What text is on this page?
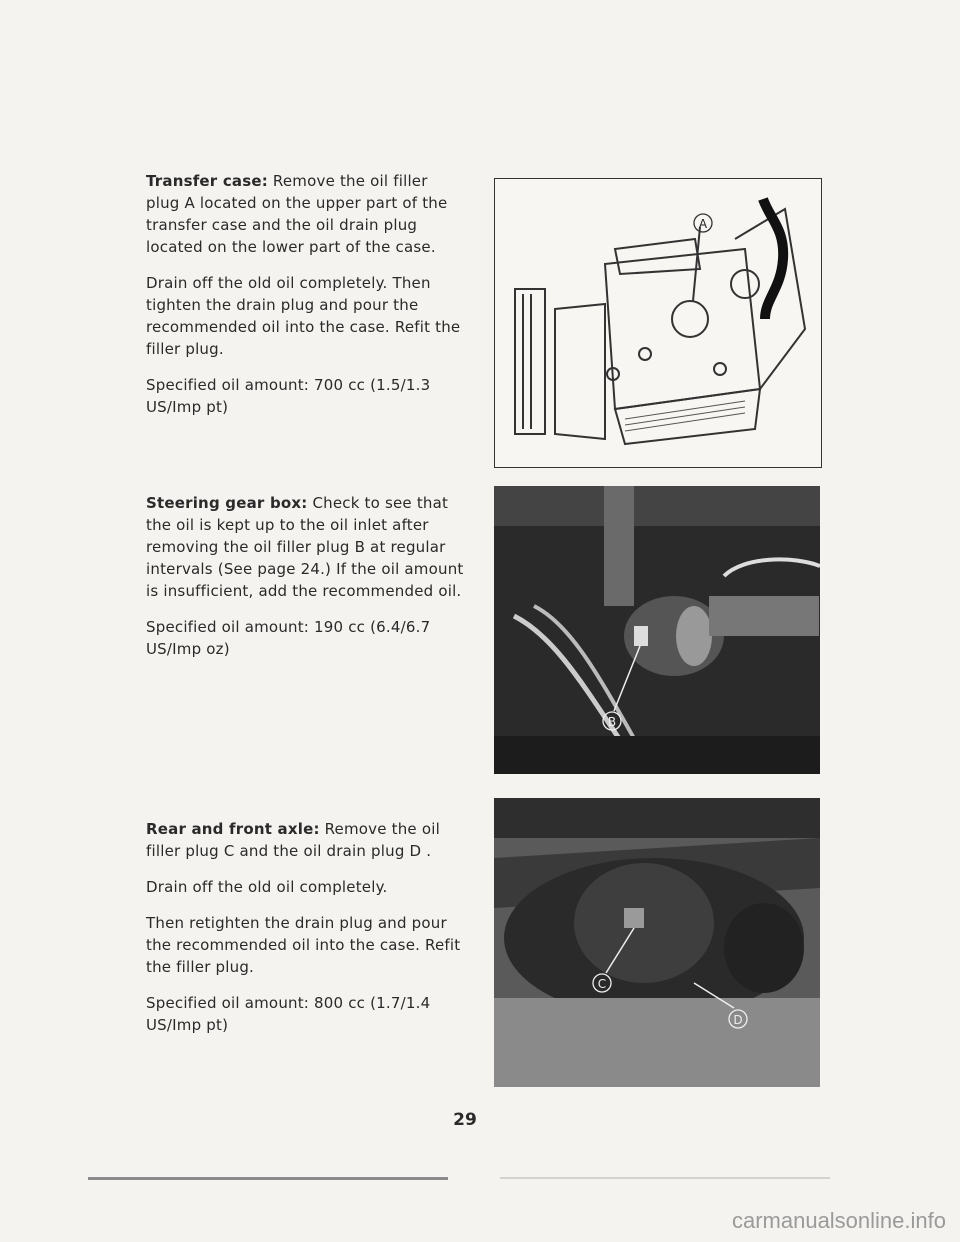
Transfer case: Remove the oil filler plug A located on the upper part of the transfer case and the oil drain plug located on the lower part of the case.

Drain off the old oil completely. Then tighten the drain plug and pour the recommended oil into the case. Refit the filler plug.

Specified oil amount: 700 cc (1.5/1.3 US/Imp pt)

Steering gear box: Check to see that the oil is kept up to the oil inlet after removing the oil filler plug B at regular intervals (See page 24.) If the oil amount is insufficient, add the recommended oil.

Specified oil amount: 190 cc (6.4/6.7 US/Imp oz)

Rear and front axle: Remove the oil filler plug C and the oil drain plug D .

Drain off the old oil completely.

Then retighten the drain plug and pour the recommended oil into the case. Refit the filler plug.

Specified oil amount: 800 cc (1.7/1.4 US/Imp pt)

A
B
C
D
29
carmanualsonline.info
